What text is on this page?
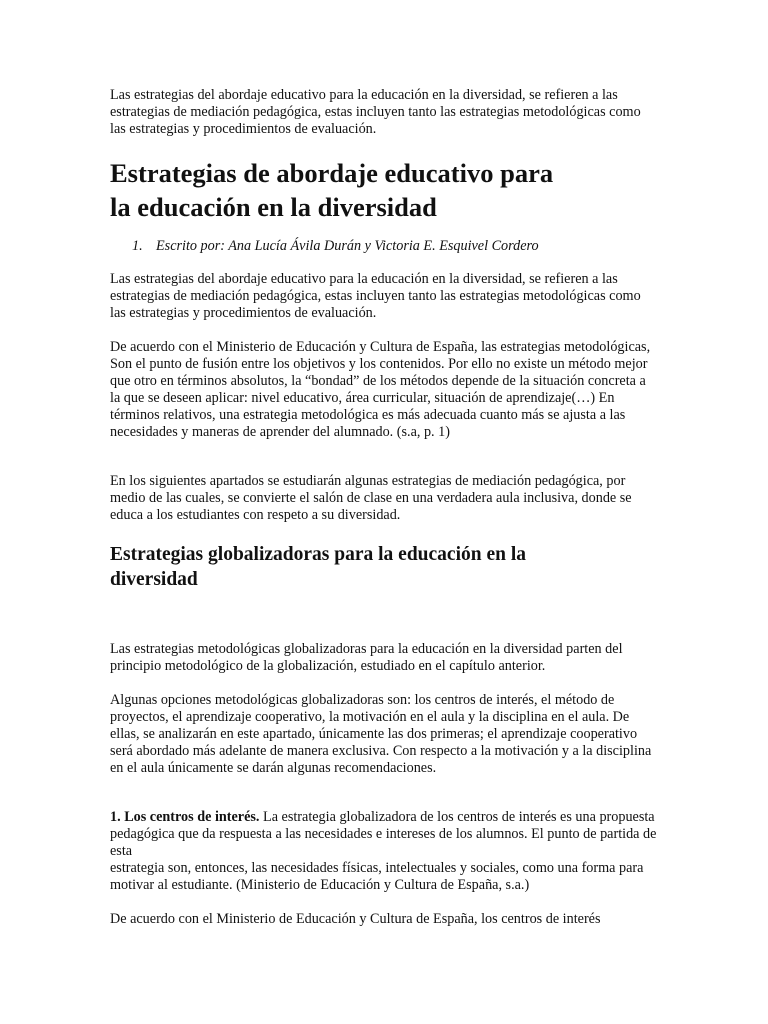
Las estrategias del abordaje educativo para la educación en la diversidad, se refieren a las estrategias de mediación pedagógica, estas incluyen tanto las estrategias metodológicas como las estrategias y procedimientos de evaluación.

Estrategias de abordaje educativo para
la educación en la diversidad

1. Escrito por: Ana Lucía Ávila Durán y Victoria E. Esquivel Cordero

Las estrategias del abordaje educativo para la educación en la diversidad, se refieren a las estrategias de mediación pedagógica, estas incluyen tanto las estrategias metodológicas como las estrategias y procedimientos de evaluación.

De acuerdo con el Ministerio de Educación y Cultura de España, las estrategias metodológicas, Son el punto de fusión entre los objetivos y los contenidos. Por ello no existe un método mejor que otro en términos absolutos, la “bondad” de los métodos depende de la situación concreta a la que se deseen aplicar: nivel educativo, área curricular, situación de aprendizaje(…) En términos relativos, una estrategia metodológica es más adecuada cuanto más se ajusta a las necesidades y maneras de aprender del alumnado. (s.a, p. 1)

En los siguientes apartados se estudiarán algunas estrategias de mediación pedagógica, por medio de las cuales, se convierte el salón de clase en una verdadera aula inclusiva, donde se educa a los estudiantes con respeto a su diversidad.

Estrategias globalizadoras para la educación en la
diversidad

Las estrategias metodológicas globalizadoras para la educación en la diversidad parten del principio metodológico de la globalización, estudiado en el capítulo anterior.

Algunas opciones metodológicas globalizadoras son: los centros de interés, el método de proyectos, el aprendizaje cooperativo, la motivación en el aula y la disciplina en el aula. De ellas, se analizarán en este apartado, únicamente las dos primeras; el aprendizaje cooperativo será abordado más adelante de manera exclusiva. Con respecto a la motivación y a la disciplina en el aula únicamente se darán algunas recomendaciones.

1. Los centros de interés. La estrategia globalizadora de los centros de interés es una propuesta pedagógica que da respuesta a las necesidades e intereses de los alumnos. El punto de partida de esta
estrategia son, entonces, las necesidades físicas, intelectuales y sociales, como una forma para motivar al estudiante. (Ministerio de Educación y Cultura de España, s.a.)

De acuerdo con el Ministerio de Educación y Cultura de España, los centros de interés
